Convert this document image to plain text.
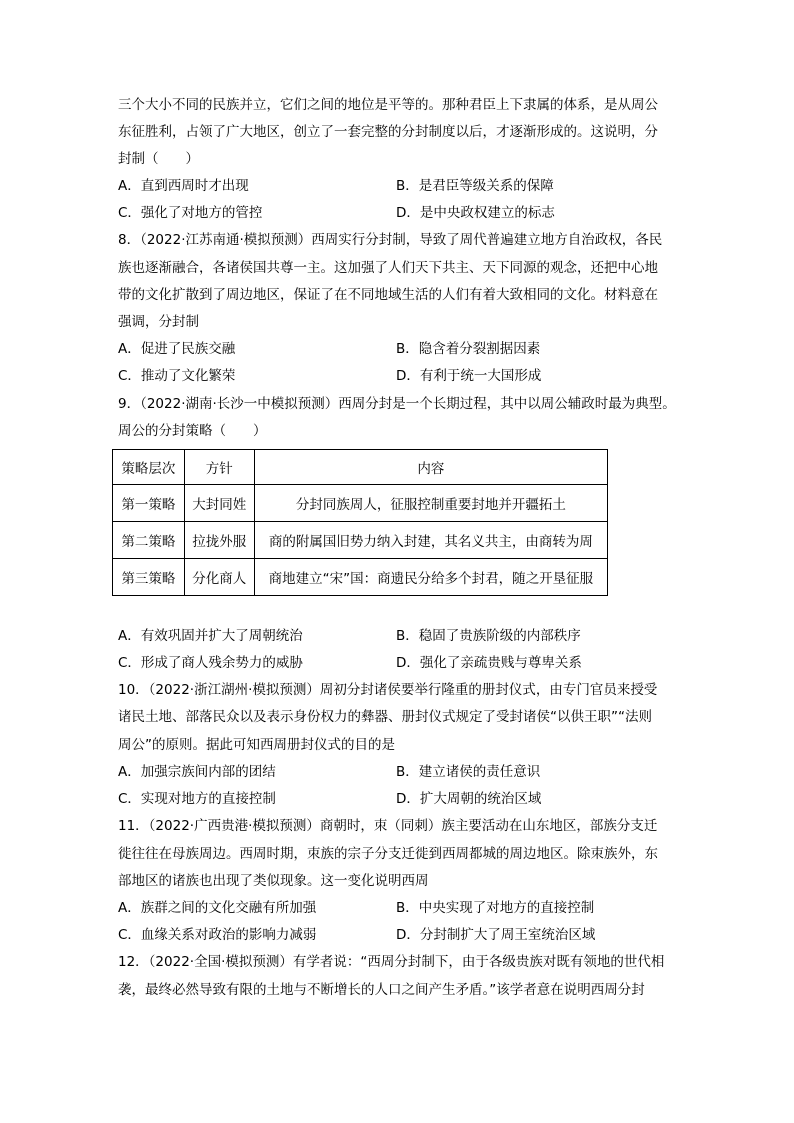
三个大小不同的民族并立，它们之间的地位是平等的。那种君臣上下隶属的体系，是从周公
东征胜利，占领了广大地区，创立了一套完整的分封制度以后，才逐渐形成的。这说明，分
封制（　　）
A．直到西周时才出现	B．是君臣等级关系的保障
C．强化了对地方的管控	D．是中央政权建立的标志
8．（2022·江苏南通·模拟预测）西周实行分封制，导致了周代普遍建立地方自治政权，各民
族也逐渐融合，各诸侯国共尊一主。这加强了人们天下共主、天下同源的观念，还把中心地
带的文化扩散到了周边地区，保证了在不同地域生活的人们有着大致相同的文化。材料意在
强调，分封制
A．促进了民族交融	B．隐含着分裂割据因素
C．推动了文化繁荣	D．有利于统一大国形成
9．（2022·湖南·长沙一中模拟预测）西周分封是一个长期过程，其中以周公辅政时最为典型。
周公的分封策略（　　）
策略层次	方针	内容
第一策略	大封同姓	分封同族周人，征服控制重要封地并开疆拓土
第二策略	拉拢外服	商的附属国旧势力纳入封建，其名义共主，由商转为周
第三策略	分化商人	商地建立“宋”国：商遗民分给多个封君，随之开垦征服
A．有效巩固并扩大了周朝统治	B．稳固了贵族阶级的内部秩序
C．形成了商人残余势力的威胁	D．强化了亲疏贵贱与尊卑关系
10．（2022·浙江湖州·模拟预测）周初分封诸侯要举行隆重的册封仪式，由专门官员来授受
诸民土地、部落民众以及表示身份权力的彝器、册封仪式规定了受封诸侯“以供王职”“法则
周公”的原则。据此可知西周册封仪式的目的是
A．加强宗族间内部的团结	B．建立诸侯的责任意识
C．实现对地方的直接控制	D．扩大周朝的统治区域
11．（2022·广西贵港·模拟预测）商朝时，朿（同刺）族主要活动在山东地区，部族分支迁
徙往往在母族周边。西周时期，朿族的宗子分支迁徙到西周都城的周边地区。除朿族外，东
部地区的诸族也出现了类似现象。这一变化说明西周
A．族群之间的文化交融有所加强	B．中央实现了对地方的直接控制
C．血缘关系对政治的影响力减弱	D．分封制扩大了周王室统治区域
12．（2022·全国·模拟预测）有学者说：“西周分封制下，由于各级贵族对既有领地的世代相
袭，最终必然导致有限的土地与不断增长的人口之间产生矛盾。”该学者意在说明西周分封
